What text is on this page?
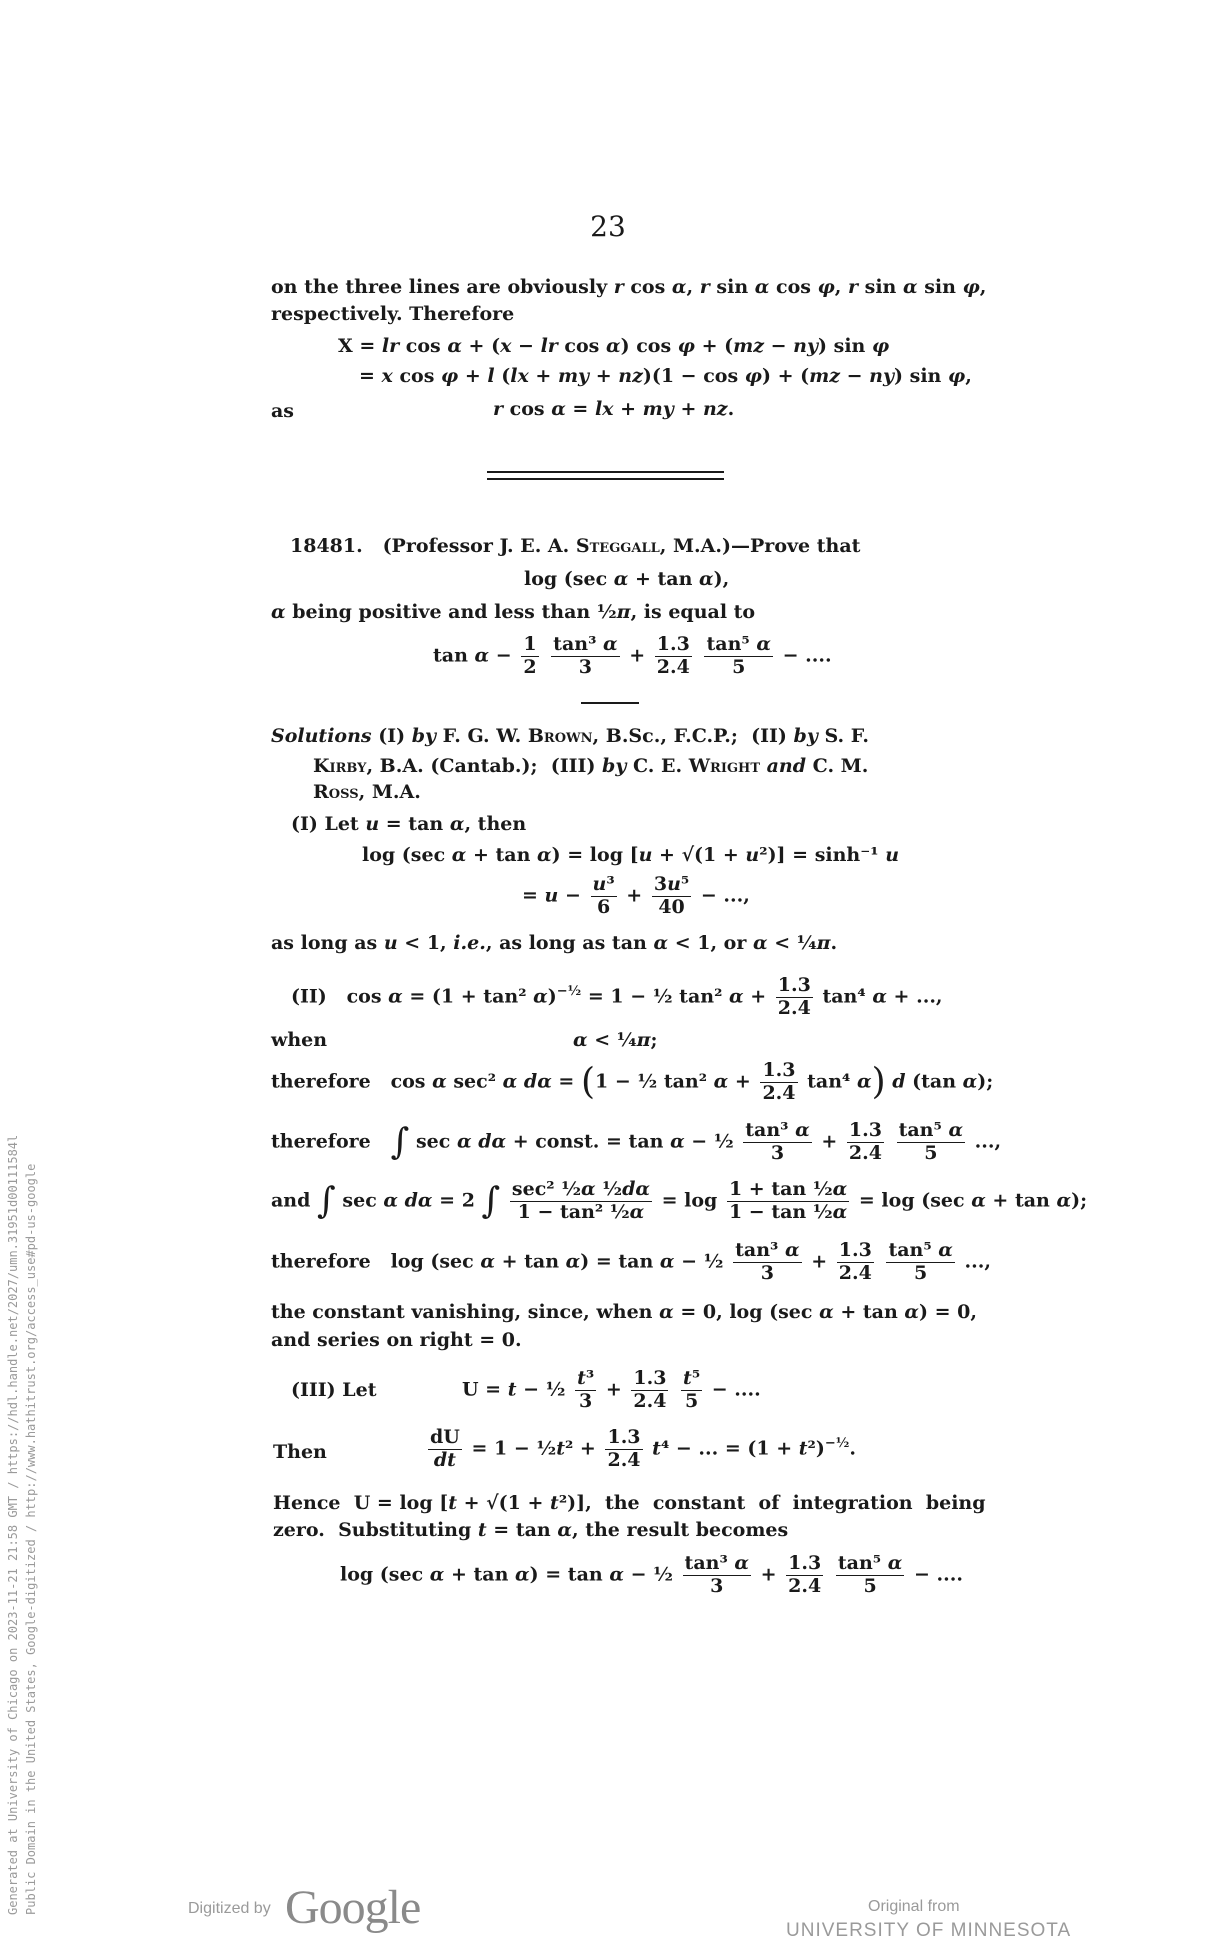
23
on the three lines are obviously r cos α, r sin α cos φ, r sin α sin φ,
respectively. Therefore
X = lr cos α + (x − lr cos α) cos φ + (mz − ny) sin φ
= x cos φ + l (lx + my + nz)(1 − cos φ) + (mz − ny) sin φ,
as	r cos α = lx + my + nz.
18481.   (Professor J. E. A. Steggall, M.A.)—Prove that
log (sec α + tan α),
α being positive and less than ½π, is equal to
$\tan \alpha - \frac{1}{2}$
$\frac{\text{tan³ α}}{3} + \frac{1.3}{2.4}$
$\frac{\text{tan⁵ α}}{5}$ − ....
Solutions (I) by F. G. W. Brown, B.Sc., F.C.P.;  (II) by S. F.
Kirby, B.A. (Cantab.);  (III) by C. E. Wright and C. M.
Ross, M.A.
(I) Let u = tan α, then
log (sec α + tan α) = log [u + √(1 + u²)] = sinh⁻¹ u
= $u - \frac{\text{u³}}{6} + \frac{\text{3u⁵}}{40}$ − ...,
as long as u < 1, i.e., as long as tan α < 1, or α < ¼π.
(II)   cos α = (1 + tan² α)$^{-\frac{1}{2}}$ = 1 − ½ tan² $\alpha + \frac{1.3}{2.4} \tan^4$ α + ...,
when	α < ¼π;
therefore   cos α sec² α dα = (1 − ½ tan² $\alpha + \frac{1.3}{2.4} \tan^4$ α) d (tan α);
therefore   ∫ sec α dα + const. = tan α − ½ $\frac{\text{tan³ α}}{3} + \frac{1.3}{2.4}$
$\frac{\text{tan⁵ α}}{5}$ ...,
and ∫ sec α dα = 2 ∫ $\frac{\text{sec² ½α ½dα}}{\text{1 − tan² ½α}} = \log \frac{\text{1 + tan ½α}}{\text{1 − tan ½α}} = \log (\sec$ α + tan α);
therefore   log (sec α + tan α) = tan α − ½ $\frac{\text{tan³ α}}{3} + \frac{1.3}{2.4}$
$\frac{\text{tan⁵ α}}{5}$ ...,
the constant vanishing, since, when α = 0, log (sec α + tan α) = 0,
and series on right = 0.
(III) Let	U = t − ½ $\frac{\text{t³}}{3} + \frac{1.3}{2.4}$
$\frac{\text{t⁵}}{5}$ − ....
Then	$\frac{dU}{dt} = 1$ − ½t² + $\frac{1.3}{2.4} t^4$ − ... = $(1 + t^2)^{-\frac{1}{2}}$.
Hence  U = log [t + √(1 + t²)],  the  constant  of  integration  being
zero.  Substituting t = tan α, the result becomes
log (sec α + tan α) = tan α − ½ $\frac{\text{tan³ α}}{3} + \frac{1.3}{2.4}$
$\frac{\text{tan⁵ α}}{5}$ − ....
Generated at University of Chicago on 2023-11-21 21:58 GMT / https://hdl.handle.net/2027/umn.31951d00111584l Public Domain in the United States, Google-digitized / http://www.hathitrust.org/access_use#pd-us-google	Digitized by Google	Original from
UNIVERSITY OF MINNESOTA
